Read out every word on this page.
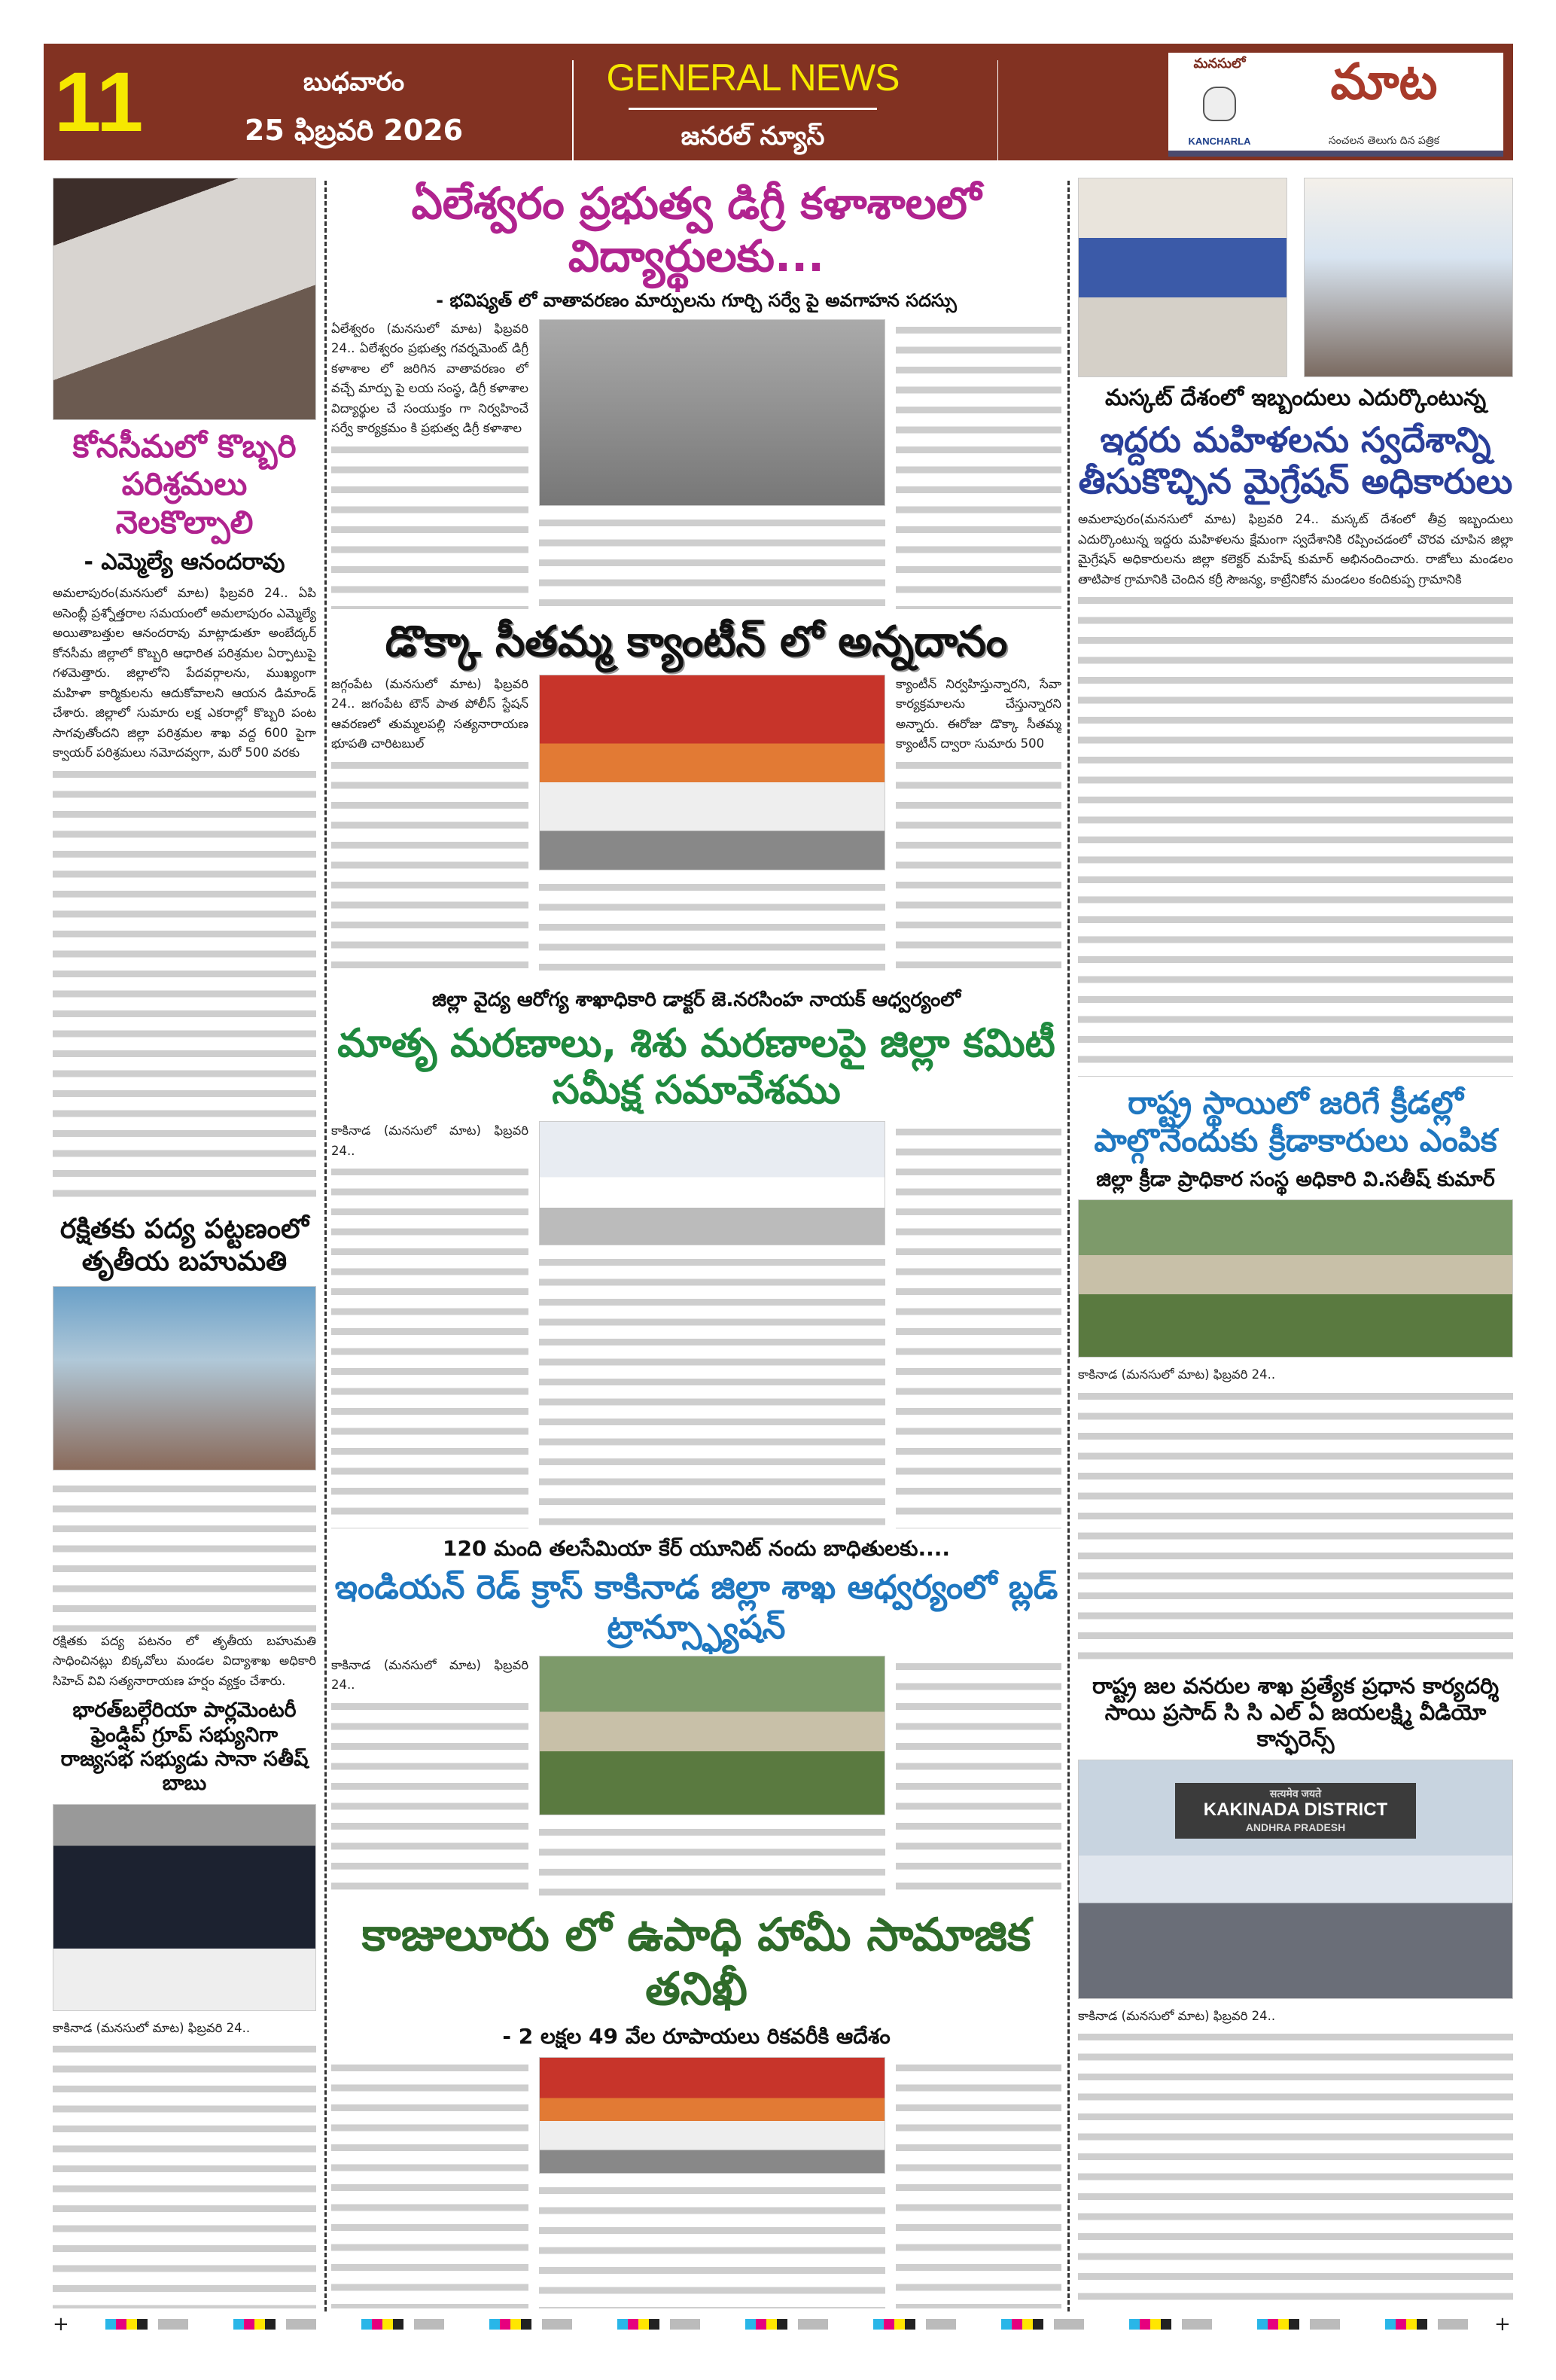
11	బుధవారం
25 ఫిబ్రవరి 2026
GENERAL NEWS
జనరల్ న్యూస్
మనసులో
KANCHARLA
మాట
సంచలన తెలుగు దిన పత్రిక
కోనసీమలో కొబ్బరి పరిశ్రమలు నెలకొల్పాలి
- ఎమ్మెల్యే ఆనందరావు

అమలాపురం(మనసులో మాట) ఫిబ్రవరి 24.. ఏపి అసెంబ్లీ ప్రశ్నోత్తరాల సమయంలో అమలాపురం ఎమ్మెల్యే అయితాబత్తుల ఆనందరావు మాట్లాడుతూ అంబేద్కర్ కోనసీమ జిల్లాలో కొబ్బరి ఆధారిత పరిశ్రమల ఏర్పాటుపై గళమెత్తారు. జిల్లాలోని పేదవర్గాలను, ముఖ్యంగా మహిళా కార్మికులను ఆదుకోవాలని ఆయన డిమాండ్ చేశారు. జిల్లాలో సుమారు లక్ష ఎకరాల్లో కొబ్బరి పంట సాగవుతోందని జిల్లా పరిశ్రమల శాఖ వద్ద 600 పైగా క్వాయర్ పరిశ్రమలు నమోదవ్వగా, మరో 500 వరకు

రక్షితకు పద్య పట్టణంలో తృతీయ బహుమతి

రక్షితకు పద్య పటనం లో తృతీయ బహుమతి సాధించినట్లు బిక్కవోలు మండల విద్యాశాఖ అధికారి సిహెచ్ వివి సత్యనారాయణ హర్షం వ్యక్తం చేశారు.

భారత్‌బల్గేరియా పార్లమెంటరీ ఫ్రెండ్షిప్ గ్రూప్ సభ్యునిగా రాజ్యసభ సభ్యుడు సానా సతీష్ బాబు

కాకినాడ (మనసులో మాట) ఫిబ్రవరి 24..

ఏలేశ్వరం ప్రభుత్వ డిగ్రీ కళాశాలలో విద్యార్థులకు...
- భవిష్యత్ లో వాతావరణం మార్పులను గూర్చి సర్వే పై అవగాహన సదస్సు

ఏలేశ్వరం (మనసులో మాట) ఫిబ్రవరి 24.. ఏలేశ్వరం ప్రభుత్వ గవర్నమెంట్ డిగ్రీ కళాశాల లో జరిగిన వాతావరణం లో వచ్చే మార్పు పై లయ సంస్థ, డిగ్రీ కళాశాల విద్యార్థుల చే సంయుక్తం గా నిర్వహించే సర్వే కార్యక్రమం కి ప్రభుత్వ డిగ్రీ కళాశాల

డొక్కా సీతమ్మ క్యాంటీన్ లో అన్నదానం

జగ్గంపేట (మనసులో మాట) ఫిబ్రవరి 24.. జగంపేట టౌన్ పాత పోలీస్ స్టేషన్ ఆవరణలో తుమ్మలపల్లి సత్యనారాయణ భూపతి చారిటబుల్

క్యాంటీన్ నిర్వహిస్తున్నారని, సేవా కార్యక్రమాలను చేస్తున్నారని అన్నారు. ఈరోజు డొక్కా సీతమ్మ క్యాంటీన్ ద్వారా సుమారు 500

జిల్లా వైద్య ఆరోగ్య శాఖాధికారి డాక్టర్ జె.నరసింహ నాయక్ ఆధ్వర్యంలో
మాతృ మరణాలు, శిశు మరణాలపై జిల్లా కమిటీ సమీక్ష సమావేశము

కాకినాడ (మనసులో మాట) ఫిబ్రవరి 24..

120 మంది తలసేమియా కేర్ యూనిట్ నందు బాధితులకు....
ఇండియన్ రెడ్ క్రాస్ కాకినాడ జిల్లా శాఖ ఆధ్వర్యంలో బ్లడ్ ట్రాన్స్ఫ్యూషన్

కాకినాడ (మనసులో మాట) ఫిబ్రవరి 24..

కాజులూరు లో ఉపాధి హామీ సామాజిక తనిఖీ
- 2 లక్షల 49 వేల రూపాయలు రికవరీకి ఆదేశం
మస్కట్ దేశంలో ఇబ్బందులు ఎదుర్కొంటున్న
ఇద్దరు మహిళలను స్వదేశాన్ని తీసుకొచ్చిన మైగ్రేషన్ అధికారులు

అమలాపురం(మనసులో మాట) ఫిబ్రవరి 24.. మస్కట్ దేశంలో తీవ్ర ఇబ్బందులు ఎదుర్కొంటున్న ఇద్దరు మహిళలను క్షేమంగా స్వదేశానికి రప్పించడంలో చొరవ చూపిన జిల్లా మైగ్రేషన్ అధికారులను జిల్లా కలెక్టర్ మహేష్ కుమార్ అభినందించారు. రాజోలు మండలం తాటిపాక గ్రామానికి చెందిన కర్రీ సౌజన్య, కాట్రేనికోన మండలం కందికుప్ప గ్రామానికి

రాష్ట్ర స్థాయిలో జరిగే క్రీడల్లో పాల్గొనేందుకు క్రీడాకారులు ఎంపిక
జిల్లా క్రీడా ప్రాధికార సంస్థ అధికారి వి.సతీష్ కుమార్

కాకినాడ (మనసులో మాట) ఫిబ్రవరి 24..

రాష్ట్ర జల వనరుల శాఖ ప్రత్యేక ప్రధాన కార్యదర్శి సాయి ప్రసాద్ సి సి ఎల్ ఏ జయలక్ష్మి వీడియో కాన్ఫరెన్స్
सत्यमेव जयते
KAKINADA DISTRICT
ANDHRA PRADESH

కాకినాడ (మనసులో మాట) ఫిబ్రవరి 24..

+	+
